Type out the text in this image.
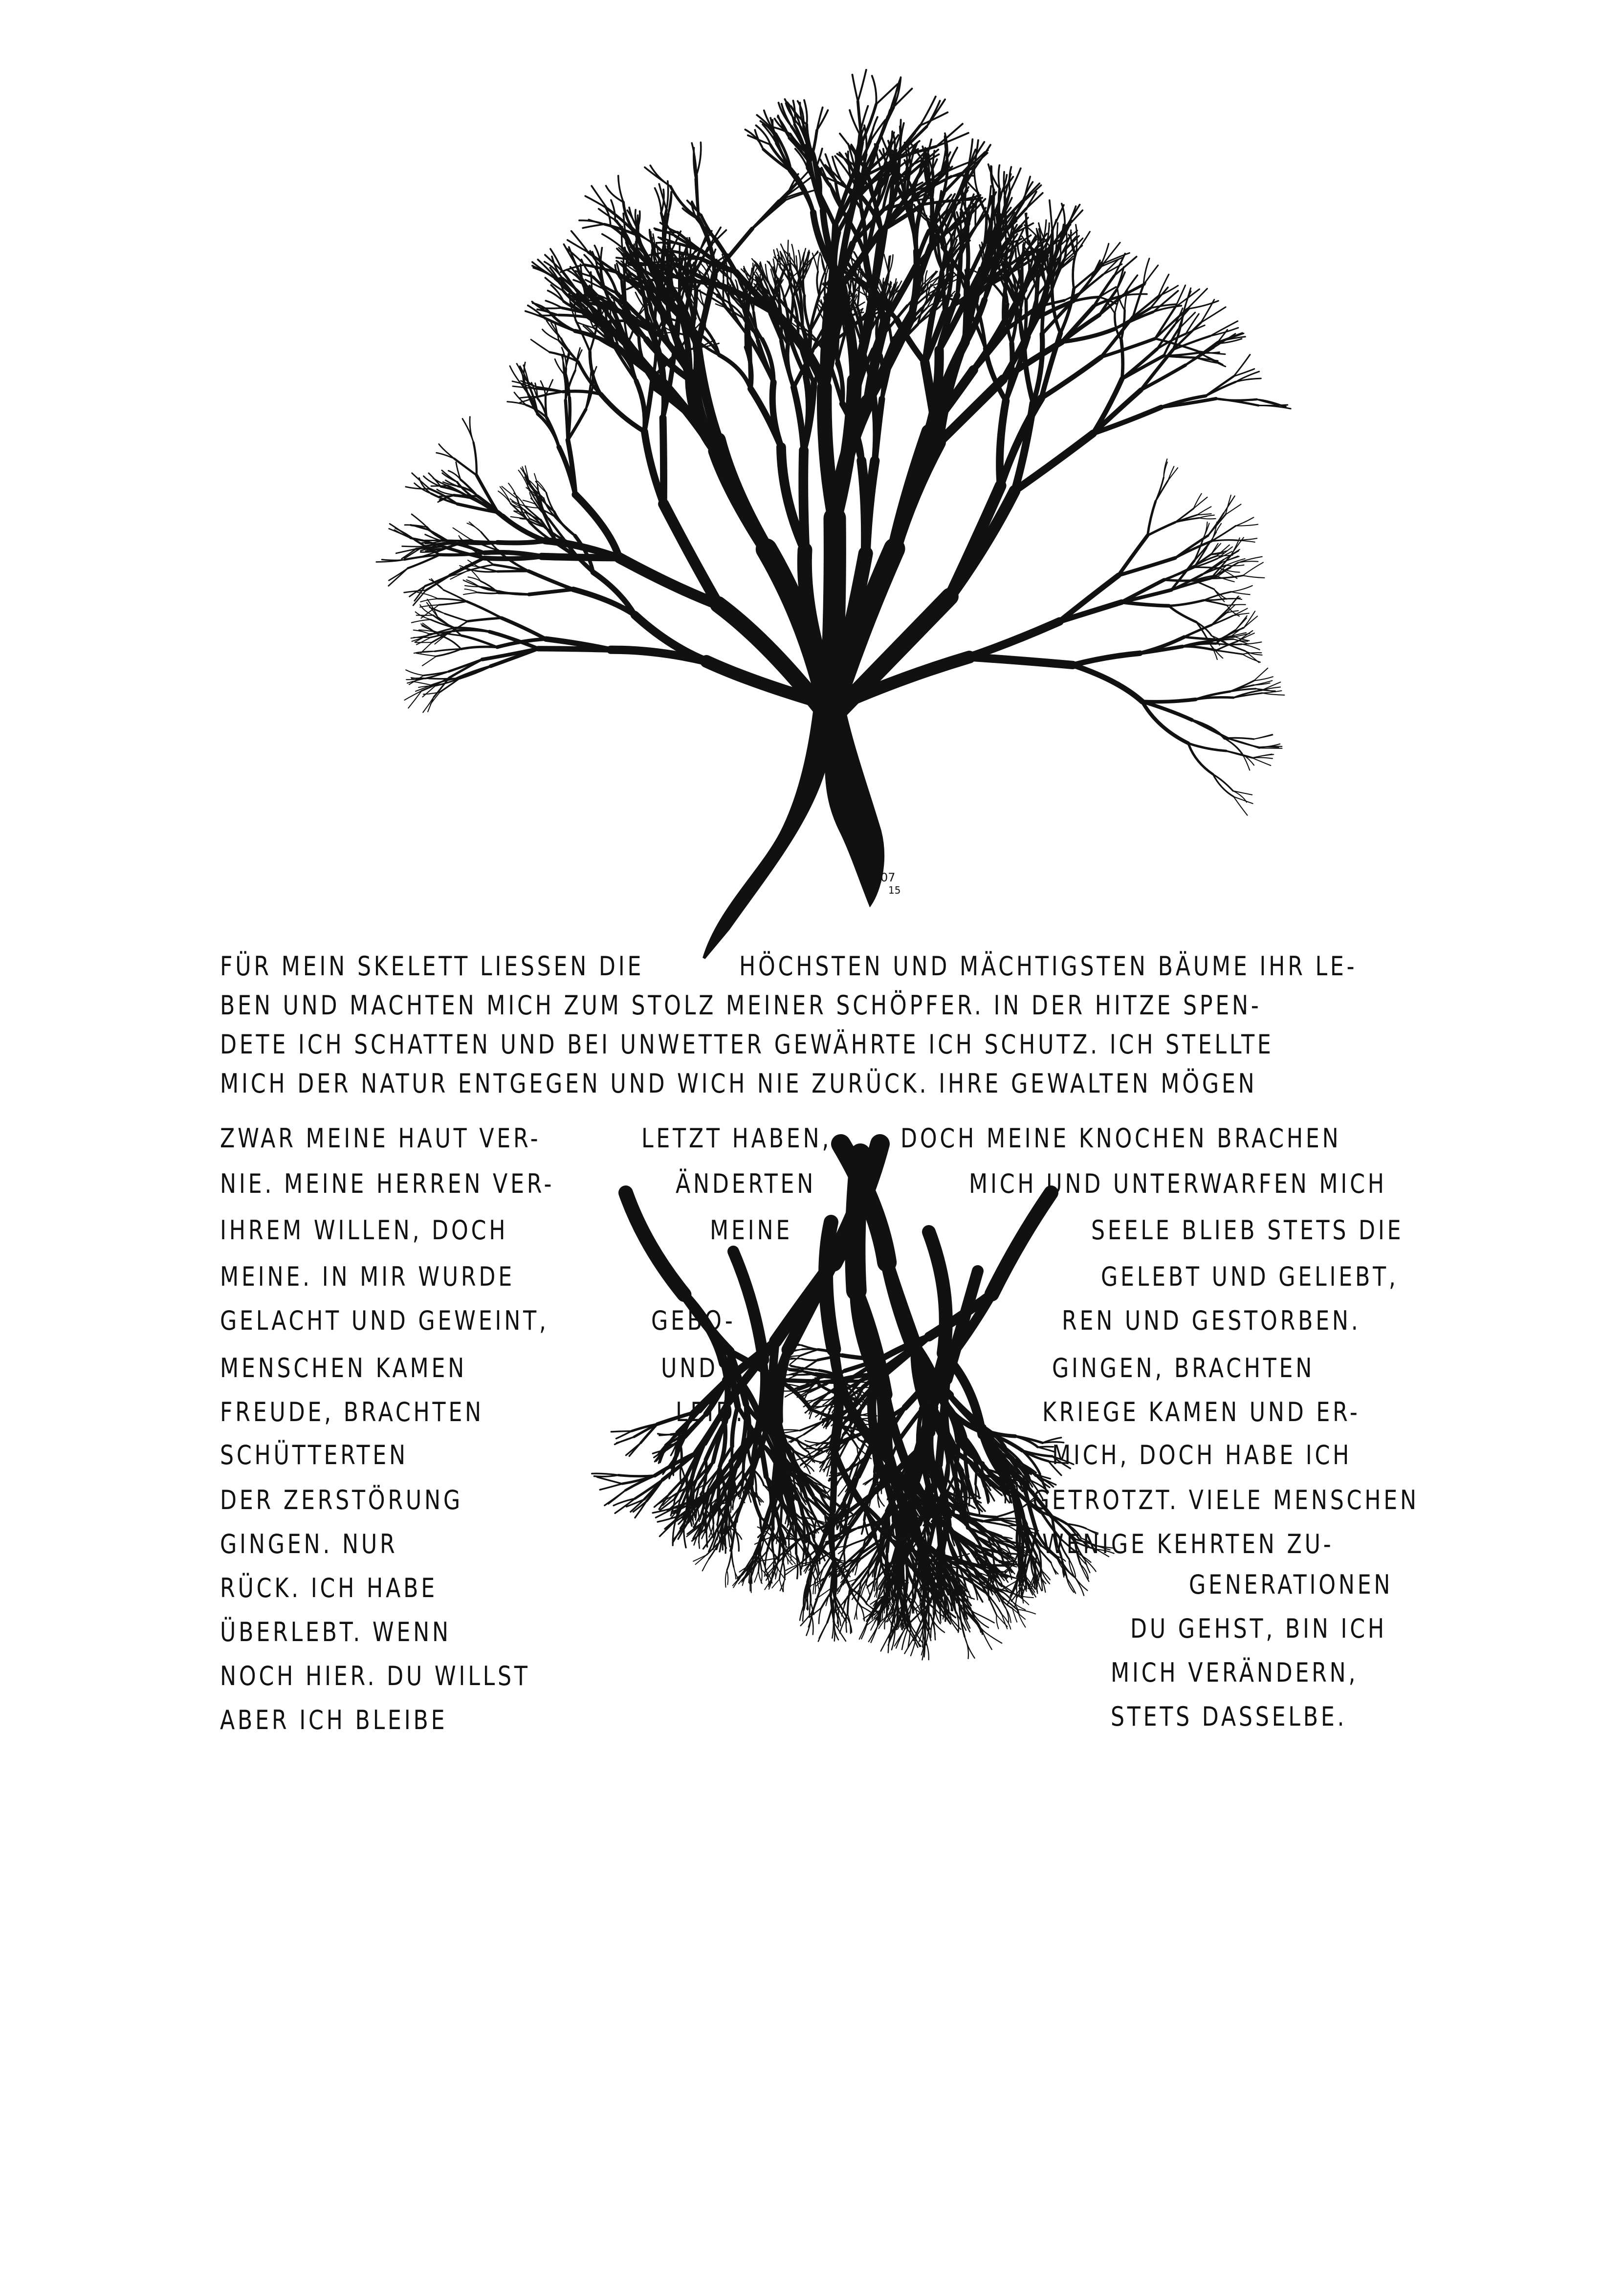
G
07
15
FÜR MEIN SKELETT LIESSEN DIE	HÖCHSTEN UND MÄCHTIGSTEN BÄUME IHR LE-
BEN UND MACHTEN MICH ZUM STOLZ MEINER SCHÖPFER. IN DER HITZE SPEN-
DETE ICH SCHATTEN UND BEI UNWETTER GEWÄHRTE ICH SCHUTZ. ICH STELLTE
MICH DER NATUR ENTGEGEN UND WICH NIE ZURÜCK. IHRE GEWALTEN MÖGEN
ZWAR MEINE HAUT VER-	LETZT HABEN,	DOCH MEINE KNOCHEN BRACHEN
NIE. MEINE HERREN VER-	ÄNDERTEN	MICH UND UNTERWARFEN MICH
IHREM WILLEN, DOCH	MEINE	SEELE BLIEB STETS DIE
MEINE. IN MIR WURDE	GELEBT UND GELIEBT,
GELACHT UND GEWEINT,	GEBO-	REN UND GESTORBEN.
MENSCHEN KAMEN	UND	GINGEN, BRACHTEN
FREUDE, BRACHTEN	LEID.	KRIEGE KAMEN UND ER-
SCHÜTTERTEN	MICH, DOCH HABE ICH
DER ZERSTÖRUNG	GETROTZT. VIELE MENSCHEN
GINGEN. NUR	WENIGE KEHRTEN ZU-
RÜCK. ICH HABE	GENERATIONEN
ÜBERLEBT. WENN	DU GEHST, BIN ICH
NOCH HIER. DU WILLST	MICH VERÄNDERN,
ABER ICH BLEIBE	STETS DASSELBE.
